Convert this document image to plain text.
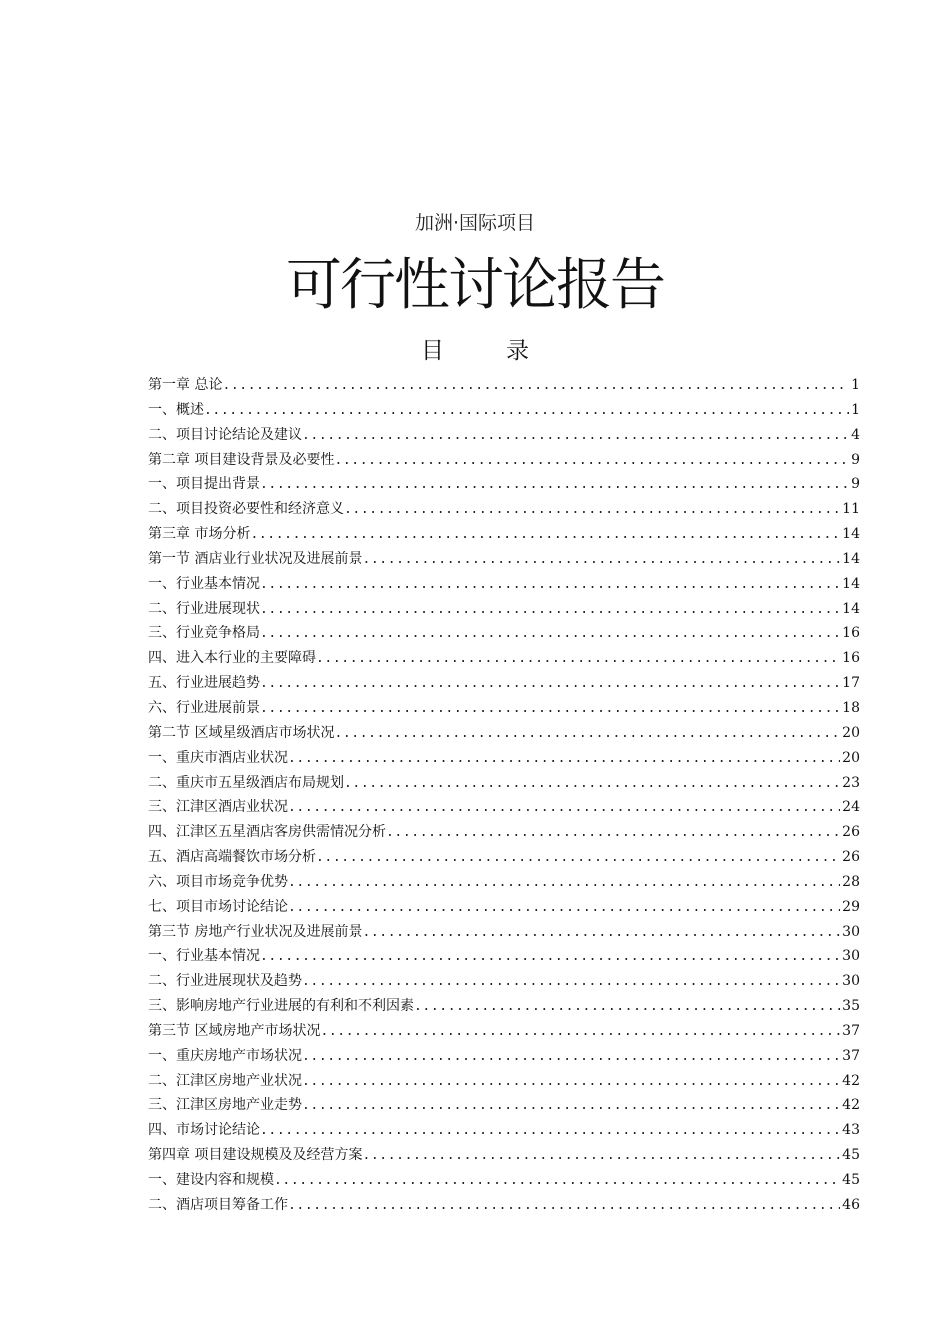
加洲·国际项目
可行性讨论报告
目	录
第一章 总论 .....	1
一、概述 .....	1
二、项目讨论结论及建议 .....	4
第二章 项目建设背景及必要性 .....	9
一、项目提出背景 .....	9
二、项目投资必要性和经济意义 .....	11
第三章 市场分析 .....	14
第一节 酒店业行业状况及进展前景 .....	14
一、行业基本情况 .....	14
二、行业进展现状 .....	14
三、行业竞争格局 .....	16
四、进入本行业的主要障碍 .....	16
五、行业进展趋势 .....	17
六、行业进展前景 .....	18
第二节 区域星级酒店市场状况 .....	20
一、重庆市酒店业状况 .....	20
二、重庆市五星级酒店布局规划 .....	23
三、江津区酒店业状况 .....	24
四、江津区五星酒店客房供需情况分析 .....	26
五、酒店高端餐饮市场分析 .....	26
六、项目市场竞争优势 .....	28
七、项目市场讨论结论 .....	29
第三节 房地产行业状况及进展前景 .....	30
一、行业基本情况 .....	30
二、行业进展现状及趋势 .....	30
三、影响房地产行业进展的有利和不利因素 .....	35
第三节 区域房地产市场状况 .....	37
一、重庆房地产市场状况 .....	37
二、江津区房地产业状况 .....	42
三、江津区房地产业走势 .....	42
四、市场讨论结论 .....	43
第四章 项目建设规模及及经营方案 .....	45
一、建设内容和规模 .....	45
二、酒店项目筹备工作 .....	46
